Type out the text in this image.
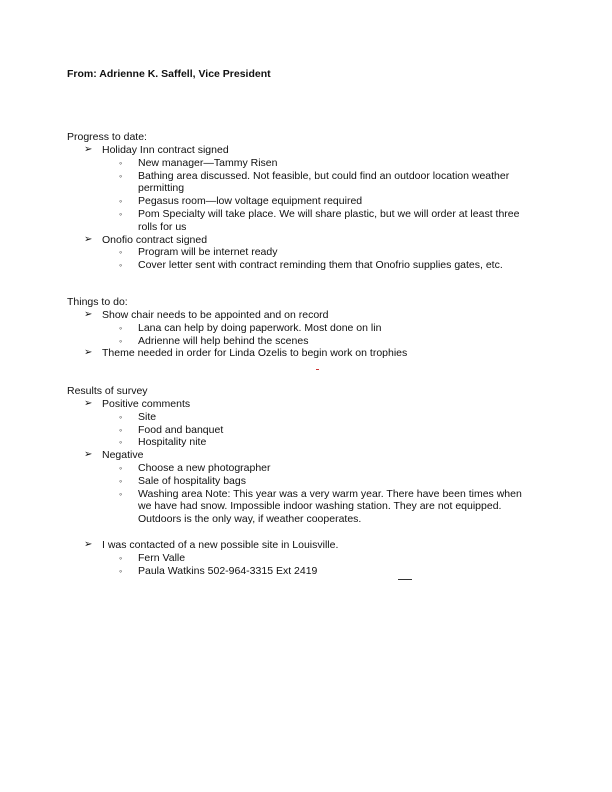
From: Adrienne K. Saffell, Vice President
Progress to date:
➢ Holiday Inn contract signed
◦ New manager—Tammy Risen
◦ Bathing area discussed. Not feasible, but could find an outdoor location weather permitting
◦ Pegasus room—low voltage equipment required
◦ Pom Specialty will take place. We will share plastic, but we will order at least three rolls for us
➢ Onofio contract signed
◦ Program will be internet ready
◦ Cover letter sent with contract reminding them that Onofrio supplies gates, etc.
Things to do:
➢ Show chair needs to be appointed and on record
◦ Lana can help by doing paperwork. Most done on lin
◦ Adrienne will help behind the scenes
➢ Theme needed in order for Linda Ozelis to begin work on trophies
Results of survey
➢ Positive comments
◦ Site
◦ Food and banquet
◦ Hospitality nite
➢ Negative
◦ Choose a new photographer
◦ Sale of hospitality bags
◦ Washing area Note: This year was a very warm year. There have been times when we have had snow. Impossible indoor washing station. They are not equipped. Outdoors is the only way, if weather cooperates.
➢ I was contacted of a new possible site in Louisville.
◦ Fern Valle
◦ Paula Watkins 502-964-3315 Ext 2419
